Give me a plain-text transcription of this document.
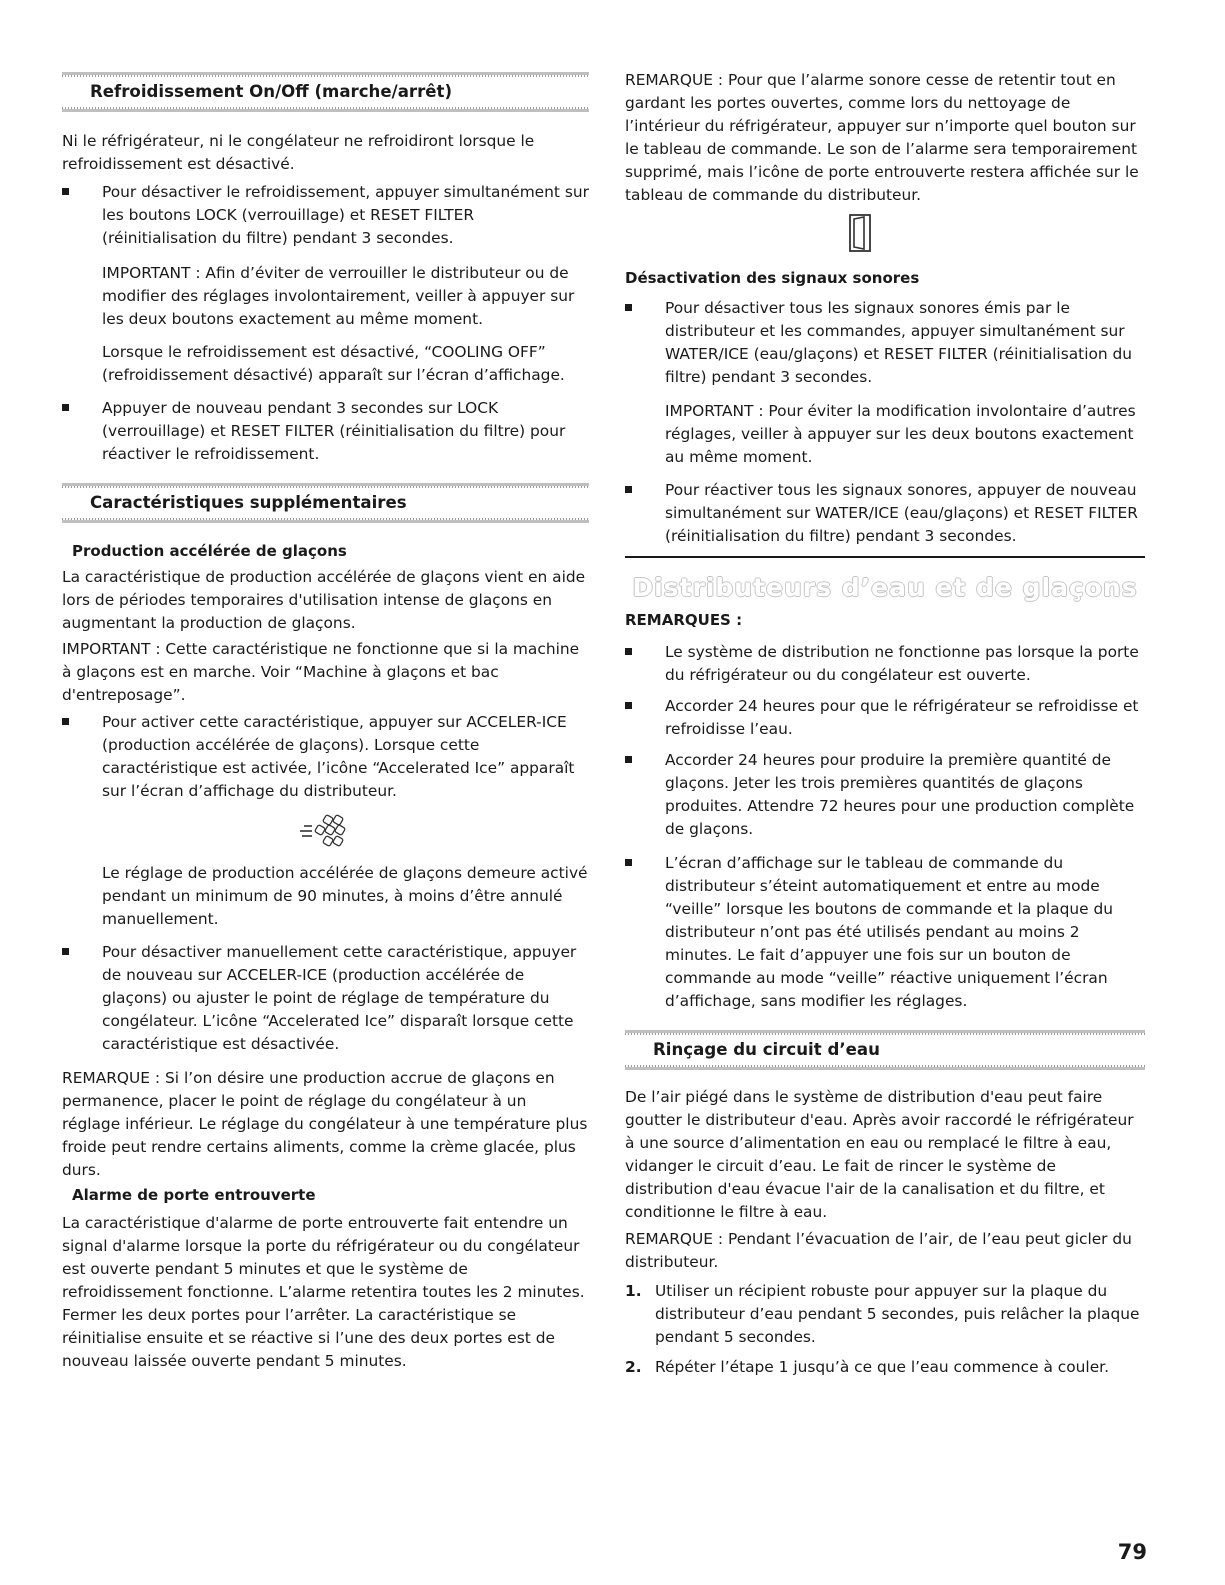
Refroidissement On/Off (marche/arrêt)

Ni le réfrigérateur, ni le congélateur ne refroidiront lorsque le refroidissement est désactivé.

Pour désactiver le refroidissement, appuyer simultanément sur les boutons LOCK (verrouillage) et RESET FILTER (réinitialisation du filtre) pendant 3 secondes.

IMPORTANT : Afin d’éviter de verrouiller le distributeur ou de modifier des réglages involontairement, veiller à appuyer sur les deux boutons exactement au même moment.

Lorsque le refroidissement est désactivé, “COOLING OFF” (refroidissement désactivé) apparaît sur l’écran d’affichage.

Appuyer de nouveau pendant 3 secondes sur LOCK (verrouillage) et RESET FILTER (réinitialisation du filtre) pour réactiver le refroidissement.

Caractéristiques supplémentaires
Production accélérée de glaçons

La caractéristique de production accélérée de glaçons vient en aide lors de périodes temporaires d'utilisation intense de glaçons en augmentant la production de glaçons.

IMPORTANT : Cette caractéristique ne fonctionne que si la machine à glaçons est en marche. Voir “Machine à glaçons et bac d'entreposage”.

Pour activer cette caractéristique, appuyer sur ACCELER-ICE (production accélérée de glaçons). Lorsque cette caractéristique est activée, l’icône “Accelerated Ice” apparaît sur l’écran d’affichage du distributeur.

Le réglage de production accélérée de glaçons demeure activé pendant un minimum de 90 minutes, à moins d’être annulé manuellement.

Pour désactiver manuellement cette caractéristique, appuyer de nouveau sur ACCELER-ICE (production accélérée de glaçons) ou ajuster le point de réglage de température du congélateur. L’icône “Accelerated Ice” disparaît lorsque cette caractéristique est désactivée.

REMARQUE : Si l’on désire une production accrue de glaçons en permanence, placer le point de réglage du congélateur à un réglage inférieur. Le réglage du congélateur à une température plus froide peut rendre certains aliments, comme la crème glacée, plus durs.

Alarme de porte entrouverte

La caractéristique d'alarme de porte entrouverte fait entendre un signal d'alarme lorsque la porte du réfrigérateur ou du congélateur est ouverte pendant 5 minutes et que le système de refroidissement fonctionne. L’alarme retentira toutes les 2 minutes. Fermer les deux portes pour l’arrêter. La caractéristique se réinitialise ensuite et se réactive si l’une des deux portes est de nouveau laissée ouverte pendant 5 minutes.

REMARQUE : Pour que l’alarme sonore cesse de retentir tout en gardant les portes ouvertes, comme lors du nettoyage de l’intérieur du réfrigérateur, appuyer sur n’importe quel bouton sur le tableau de commande. Le son de l’alarme sera temporairement supprimé, mais l’icône de porte entrouverte restera affichée sur le tableau de commande du distributeur.

Désactivation des signaux sonores

Pour désactiver tous les signaux sonores émis par le distributeur et les commandes, appuyer simultanément sur WATER/ICE (eau/glaçons) et RESET FILTER (réinitialisation du filtre) pendant 3 secondes.

IMPORTANT : Pour éviter la modification involontaire d’autres réglages, veiller à appuyer sur les deux boutons exactement au même moment.

Pour réactiver tous les signaux sonores, appuyer de nouveau simultanément sur WATER/ICE (eau/glaçons) et RESET FILTER (réinitialisation du filtre) pendant 3 secondes.

Distributeurs d’eau et de glaçons
REMARQUES :

Le système de distribution ne fonctionne pas lorsque la porte du réfrigérateur ou du congélateur est ouverte.

Accorder 24 heures pour que le réfrigérateur se refroidisse et refroidisse l’eau.

Accorder 24 heures pour produire la première quantité de glaçons. Jeter les trois premières quantités de glaçons produites. Attendre 72 heures pour une production complète de glaçons.

L’écran d’affichage sur le tableau de commande du distributeur s’éteint automatiquement et entre au mode “veille” lorsque les boutons de commande et la plaque du distributeur n’ont pas été utilisés pendant au moins 2 minutes. Le fait d’appuyer une fois sur un bouton de commande au mode “veille” réactive uniquement l’écran d’affichage, sans modifier les réglages.

Rinçage du circuit d’eau

De l’air piégé dans le système de distribution d'eau peut faire goutter le distributeur d'eau. Après avoir raccordé le réfrigérateur à une source d’alimentation en eau ou remplacé le filtre à eau, vidanger le circuit d’eau. Le fait de rincer le système de distribution d'eau évacue l'air de la canalisation et du filtre, et conditionne le filtre à eau.

REMARQUE : Pendant l’évacuation de l’air, de l’eau peut gicler du distributeur.

1. Utiliser un récipient robuste pour appuyer sur la plaque du distributeur d’eau pendant 5 secondes, puis relâcher la plaque pendant 5 secondes.

2. Répéter l’étape 1 jusqu’à ce que l’eau commence à couler.

79
